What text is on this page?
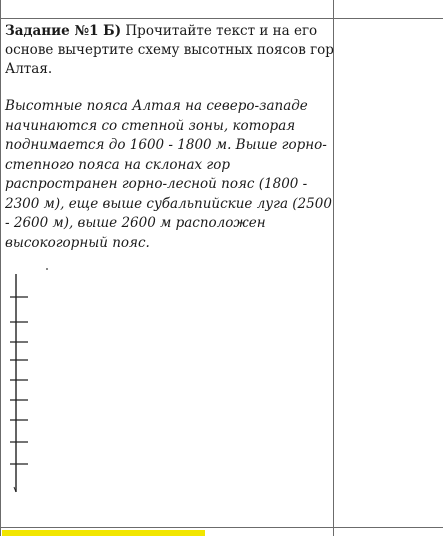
Задание №1 Б) Прочитайте текст и на его основе вычертите схему высотных поясов гор Алтая.
Высотные пояса Алтая на северо-западе начинаются со степной зоны, которая поднимается до 1600 - 1800 м. Выше горно-степного пояса на склонах гор распространен горно-лесной пояс (1800 - 2300 м), еще выше субальпийские луга (2500 - 2600 м), выше 2600 м расположен высокогорный пояс.
